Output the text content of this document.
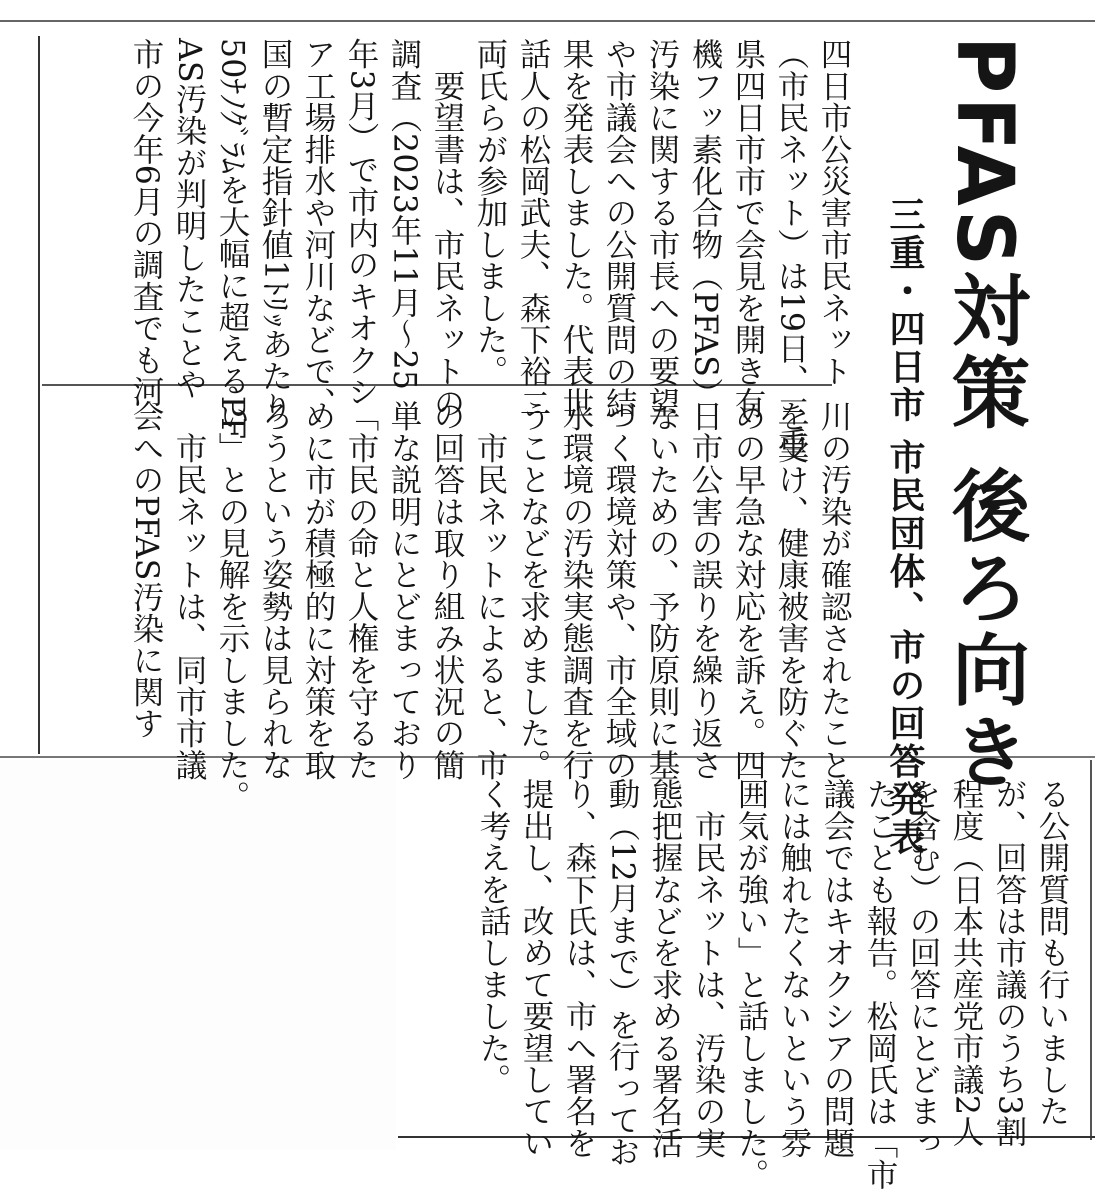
PFAS対策 後ろ向き
三重・四日市 市民団体、市の回答発表
四日市公災害市民ネット
（市民ネット）は19日、三重
県四日市市で会見を開き有
機フッ素化合物（PFAS）
汚染に関する市長への要望
や市議会への公開質問の結
果を発表しました。代表世
話人の松岡武夫、森下裕二
両氏らが参加しました。
　要望書は、市民ネットの
調査（2023年11月～25
年3月）で市内のキオクシ
ア工場排水や河川などで、
国の暫定指針値1ﾄﾘｯあたり
50ﾅﾉｸﾞﾗﾑを大幅に超えるPF
AS汚染が判明したことや
市の今年6月の調査でも河
川の汚染が確認されたこと
を受け、健康被害を防ぐた
めの早急な対応を訴え。四
日市公害の誤りを繰り返さ
ないための、予防原則に基
づく環境対策や、市全域の
水環境の汚染実態調査を行
うことなどを求めました。
　市民ネットによると、市
の回答は取り組み状況の簡
単な説明にとどまっており
「市民の命と人権を守るた
めに市が積極的に対策を取
ろうという姿勢は見られな
い」との見解を示しました。
　市民ネットは、同市市議
会へのPFAS汚染に関す
る公開質問も行いました
が、回答は市議のうち3割
程度（日本共産党市議2人
を含む）の回答にとどまっ
たことも報告。松岡氏は「市
議会ではキオクシアの問題
には触れたくないという雰
囲気が強い」と話しました。
　市民ネットは、汚染の実
態把握などを求める署名活
動（12月まで）を行ってお
り、森下氏は、市へ署名を
提出し、改めて要望してい
く考えを話しました。
